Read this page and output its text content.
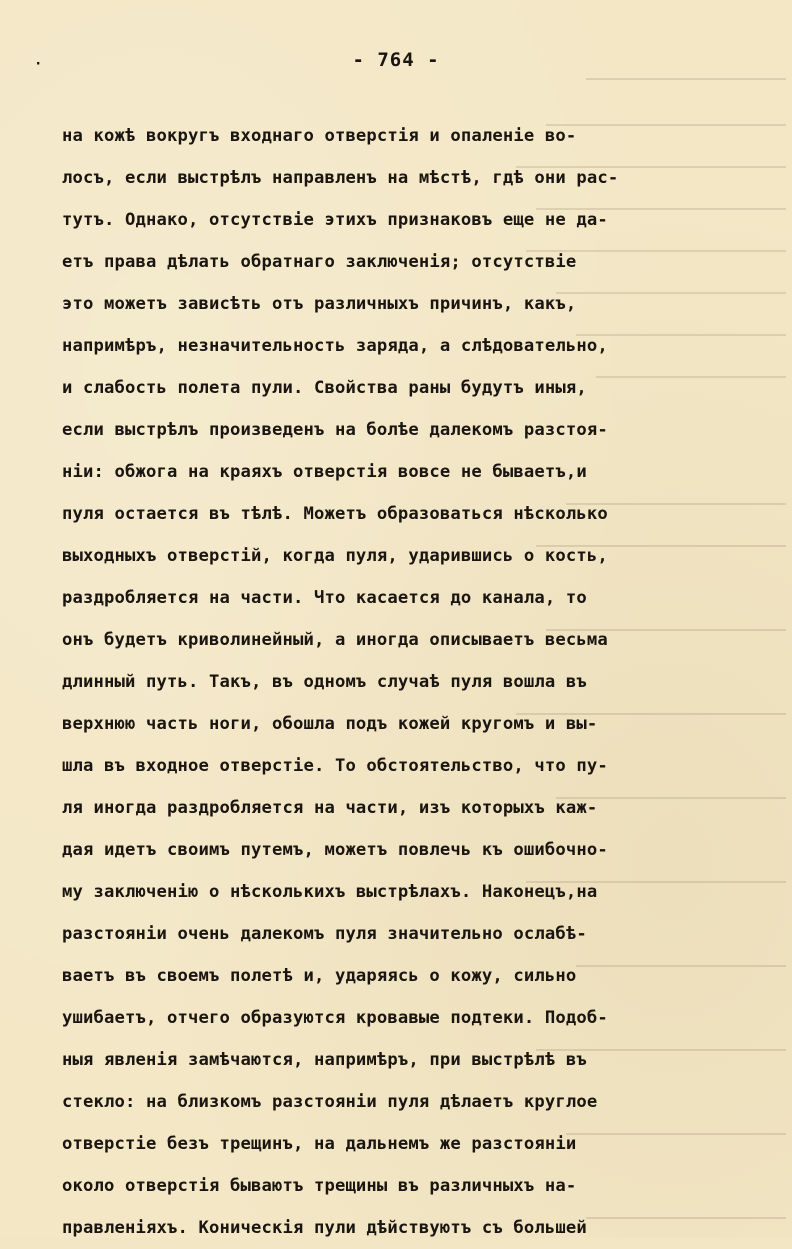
·	- 764 -
на кожѣ вокругъ входнаго отверстія и опаленіе во-
лосъ, если выстрѣлъ направленъ на мѣстѣ, гдѣ они рас-
тутъ. Однако, отсутствіе этихъ признаковъ еще не да-
етъ права дѣлать обратнаго заключенія; отсутствіе
это можетъ зависѣть отъ различныхъ причинъ, какъ,
напримѣръ, незначительность заряда, а слѣдовательно,
и слабость полета пули. Свойства раны будутъ иныя,
если выстрѣлъ произведенъ на болѣе далекомъ разстоя-
ніи: обжога на краяхъ отверстія вовсе не бываетъ,и
пуля остается въ тѣлѣ. Можетъ образоваться нѣсколько
выходныхъ отверстій, когда пуля, ударившись о кость,
раздробляется на части. Что касается до канала, то
онъ будетъ криволинейный, а иногда описываетъ весьма
длинный путь. Такъ, въ одномъ случаѣ пуля вошла въ
верхнюю часть ноги, обошла подъ кожей кругомъ и вы-
шла въ входное отверстіе. То обстоятельство, что пу-
ля иногда раздробляется на части, изъ которыхъ каж-
дая идетъ своимъ путемъ, можетъ повлечь къ ошибочно-
му заключенію о нѣсколькихъ выстрѣлахъ. Наконецъ,на
разстояніи очень далекомъ пуля значительно ослабѣ-
ваетъ въ своемъ полетѣ и, ударяясь о кожу, сильно
ушибаетъ, отчего образуются кровавые подтеки. Подоб-
ныя явленія замѣчаются, напримѣръ, при выстрѣлѣ въ
стекло: на близкомъ разстояніи пуля дѣлаетъ круглое
отверстіе безъ трещинъ, на дальнемъ же разстояніи
около отверстія бываютъ трещины въ различныхъ на-
правленіяхъ. Коническія пули дѣйствуютъ съ большей
